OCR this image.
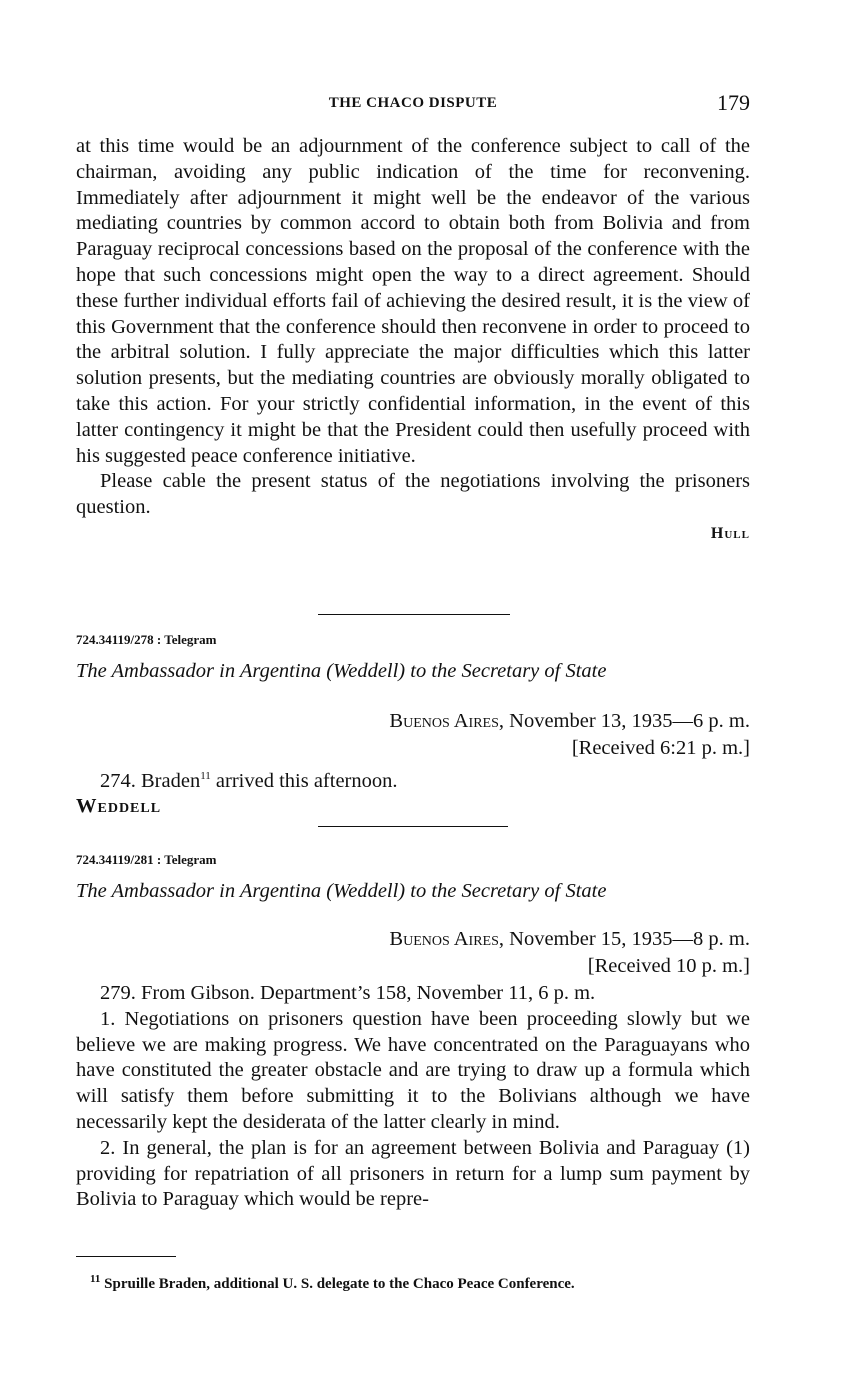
THE CHACO DISPUTE	179

at this time would be an adjournment of the conference subject to call of the chairman, avoiding any public indication of the time for reconvening. Immediately after adjournment it might well be the endeavor of the various mediating countries by common accord to obtain both from Bolivia and from Paraguay reciprocal concessions based on the proposal of the conference with the hope that such concessions might open the way to a direct agreement. Should these further individual efforts fail of achieving the desired result, it is the view of this Government that the conference should then reconvene in order to proceed to the arbitral solution. I fully appreciate the major difficulties which this latter solution presents, but the mediating countries are obviously morally obligated to take this action. For your strictly confidential information, in the event of this latter contingency it might be that the President could then usefully proceed with his suggested peace conference initiative.

Please cable the present status of the negotiations involving the prisoners question.

Hull
724.34119/278 : Telegram
The Ambassador in Argentina (Weddell) to the Secretary of State
Buenos Aires, November 13, 1935—6 p. m.
[Received 6:21 p. m.]
274. Braden$^{11}$ arrived this afternoon.
Weddell
724.34119/281 : Telegram
The Ambassador in Argentina (Weddell) to the Secretary of State
Buenos Aires, November 15, 1935—8 p. m.
[Received 10 p. m.]

279. From Gibson. Department’s 158, November 11, 6 p. m.

1. Negotiations on prisoners question have been proceeding slowly but we believe we are making progress. We have concentrated on the Paraguayans who have constituted the greater obstacle and are trying to draw up a formula which will satisfy them before submitting it to the Bolivians although we have necessarily kept the desiderata of the latter clearly in mind.

2. In general, the plan is for an agreement between Bolivia and Paraguay (1) providing for repatriation of all prisoners in return for a lump sum payment by Bolivia to Paraguay which would be repre-

$^{11}$ Spruille Braden, additional U. S. delegate to the Chaco Peace Conference.
